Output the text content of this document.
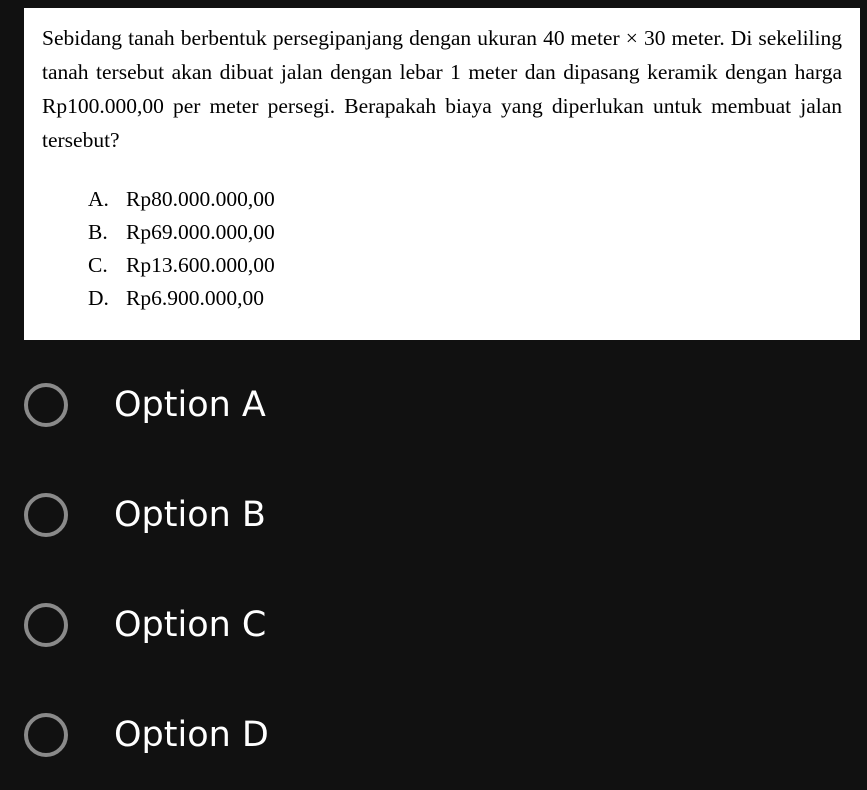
Sebidang tanah berbentuk persegipanjang dengan ukuran 40 meter × 30 meter. Di sekeliling tanah tersebut akan dibuat jalan dengan lebar 1 meter dan dipasang keramik dengan harga Rp100.000,00 per meter persegi. Berapakah biaya yang diperlukan untuk membuat jalan tersebut?

A. Rp80.000.000,00
B. Rp69.000.000,00
C. Rp13.600.000,00
D. Rp6.900.000,00
Option A
Option B
Option C
Option D
